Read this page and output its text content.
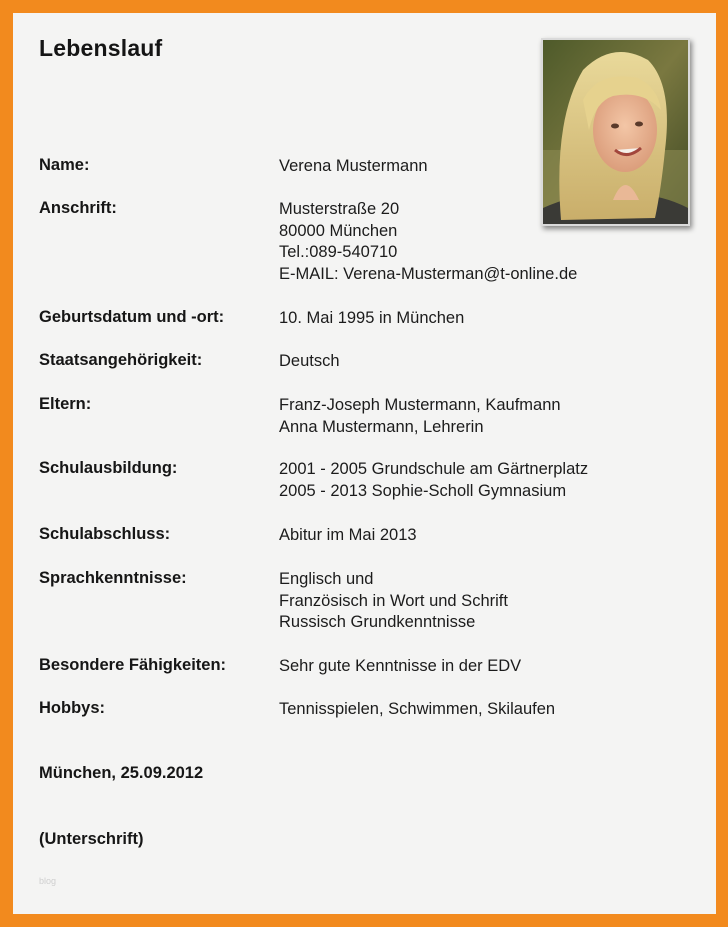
Lebenslauf
Name:	Verena Mustermann
Anschrift:	Musterstraße 20
80000 München
Tel.:089-540710
E-MAIL: Verena-Musterman@t-online.de
Geburtsdatum und -ort:	10. Mai 1995 in München
Staatsangehörigkeit:	Deutsch
Eltern:	Franz-Joseph Mustermann, Kaufmann
Anna Mustermann, Lehrerin
Schulausbildung:	2001 - 2005 Grundschule am Gärtnerplatz
2005 - 2013 Sophie-Scholl Gymnasium
Schulabschluss:	Abitur im Mai 2013
Sprachkenntnisse:	Englisch und
Französisch in Wort und Schrift
Russisch Grundkenntnisse
Besondere Fähigkeiten:	Sehr gute Kenntnisse in der EDV
Hobbys:	Tennisspielen, Schwimmen, Skilaufen
München, 25.09.2012
(Unterschrift)
blog
